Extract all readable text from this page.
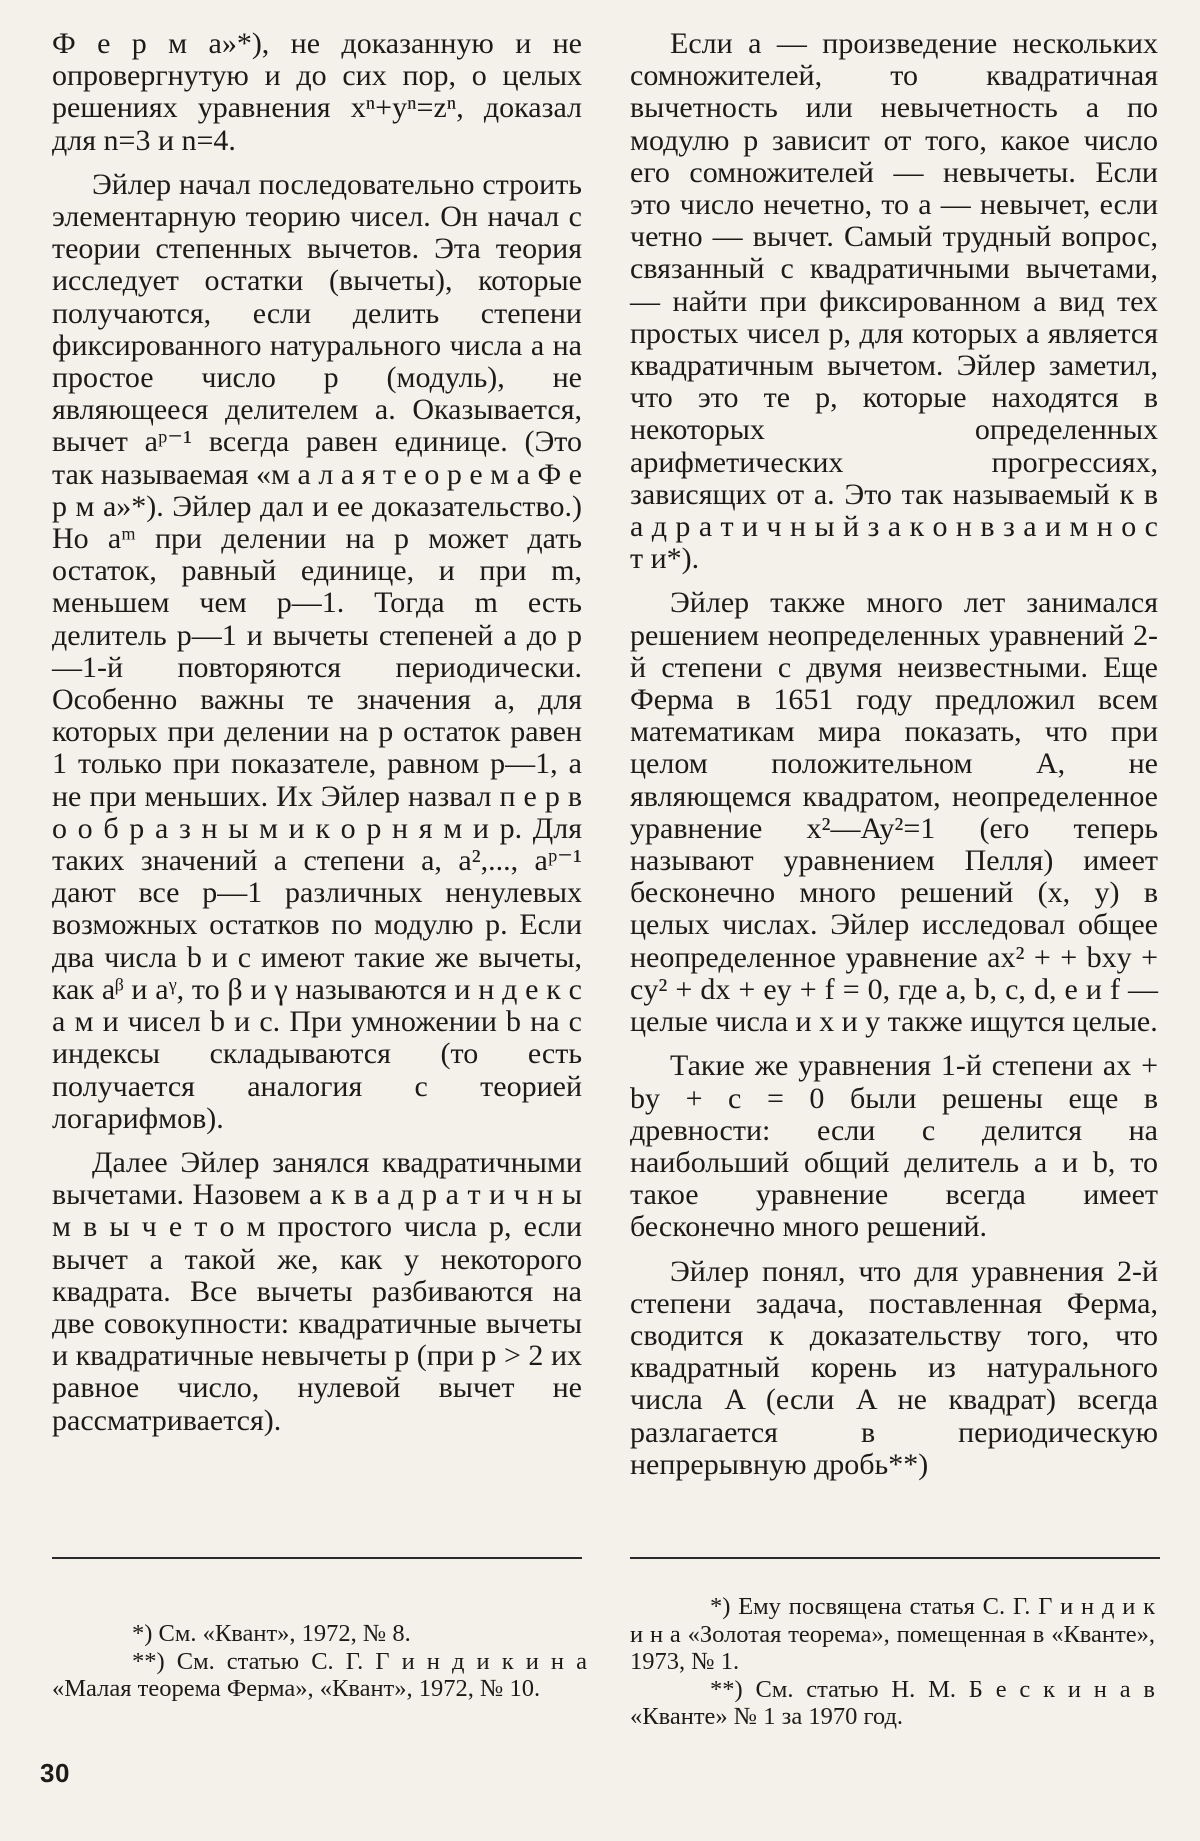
Ф е р м а»*), не доказанную и не опровергнутую и до сих пор, о целых решениях уравнения xⁿ+yⁿ=zⁿ, доказал для n=3 и n=4.

Эйлер начал последовательно строить элементарную теорию чисел. Он начал с теории степенных вычетов. Эта теория исследует остатки (вычеты), которые получаются, если делить степени фиксированного натурального числа a на простое число p (модуль), не являющееся делителем a. Оказывается, вычет aᵖ⁻¹ всегда равен единице. (Это так называемая «м а л а я т е о р е м а Ф е р м а»*). Эйлер дал и ее доказательство.) Но aᵐ при делении на p может дать остаток, равный единице, и при m, меньшем чем p—1. Тогда m есть делитель p—1 и вычеты степеней a до p—1-й повторяются периодически. Особенно важны те значения a, для которых при делении на p остаток равен 1 только при показателе, равном p—1, а не при меньших. Их Эйлер назвал п е р в о о б р а з н ы м и к о р н я м и p. Для таких значений a степени a, a²,..., aᵖ⁻¹ дают все p—1 различных ненулевых возможных остатков по модулю p. Если два числа b и c имеют такие же вычеты, как aᵝ и aᵞ, то β и γ называются и н д е к с а м и чисел b и c. При умножении b на c индексы складываются (то есть получается аналогия с теорией логарифмов).

Далее Эйлер занялся квадратичными вычетами. Назовем a к в а д р а т и ч н ы м в ы ч е т о м простого числа p, если вычет a такой же, как у некоторого квадрата. Все вычеты разбиваются на две совокупности: квадратичные вычеты и квадратичные невычеты p (при p > 2 их равное число, нулевой вычет не рассматривается).

Если a — произведение нескольких сомножителей, то квадратичная вычетность или невычетность a по модулю p зависит от того, какое число его сомножителей — невычеты. Если это число нечетно, то a — невычет, если четно — вычет. Самый трудный вопрос, связанный с квадратичными вычетами,— найти при фиксированном a вид тех простых чисел p, для которых a является квадратичным вычетом. Эйлер заметил, что это те p, которые находятся в некоторых определенных арифметических прогрессиях, зависящих от a. Это так называемый к в а д р а т и ч н ы й з а к о н в з а и м н о с т и*).

Эйлер также много лет занимался решением неопределенных уравнений 2-й степени с двумя неизвестными. Еще Ферма в 1651 году предложил всем математикам мира показать, что при целом положительном A, не являющемся квадратом, неопределенное уравнение x²—Ay²=1 (его теперь называют уравнением Пелля) имеет бесконечно много решений (x, y) в целых числах. Эйлер исследовал общее неопределенное уравнение ax² + + bxy + cy² + dx + ey + f = 0, где a, b, c, d, e и f — целые числа и x и y также ищутся целые.

Такие же уравнения 1-й степени ax + by + c = 0 были решены еще в древности: если c делится на наибольший общий делитель a и b, то такое уравнение всегда имеет бесконечно много решений.

Эйлер понял, что для уравнения 2-й степени задача, поставленная Ферма, сводится к доказательству того, что квадратный корень из натурального числа A (если A не квадрат) всегда разлагается в периодическую непрерывную дробь**)

*) См. «Квант», 1972, № 8.

**) См. статью С. Г. Г и н д и к и н а «Малая теорема Ферма», «Квант», 1972, № 10.

*) Ему посвящена статья С. Г. Г и н д и к и н а «Золотая теорема», помещенная в «Кванте», 1973, № 1.

**) См. статью Н. М. Б е с к и н а в «Кванте» № 1 за 1970 год.

30
